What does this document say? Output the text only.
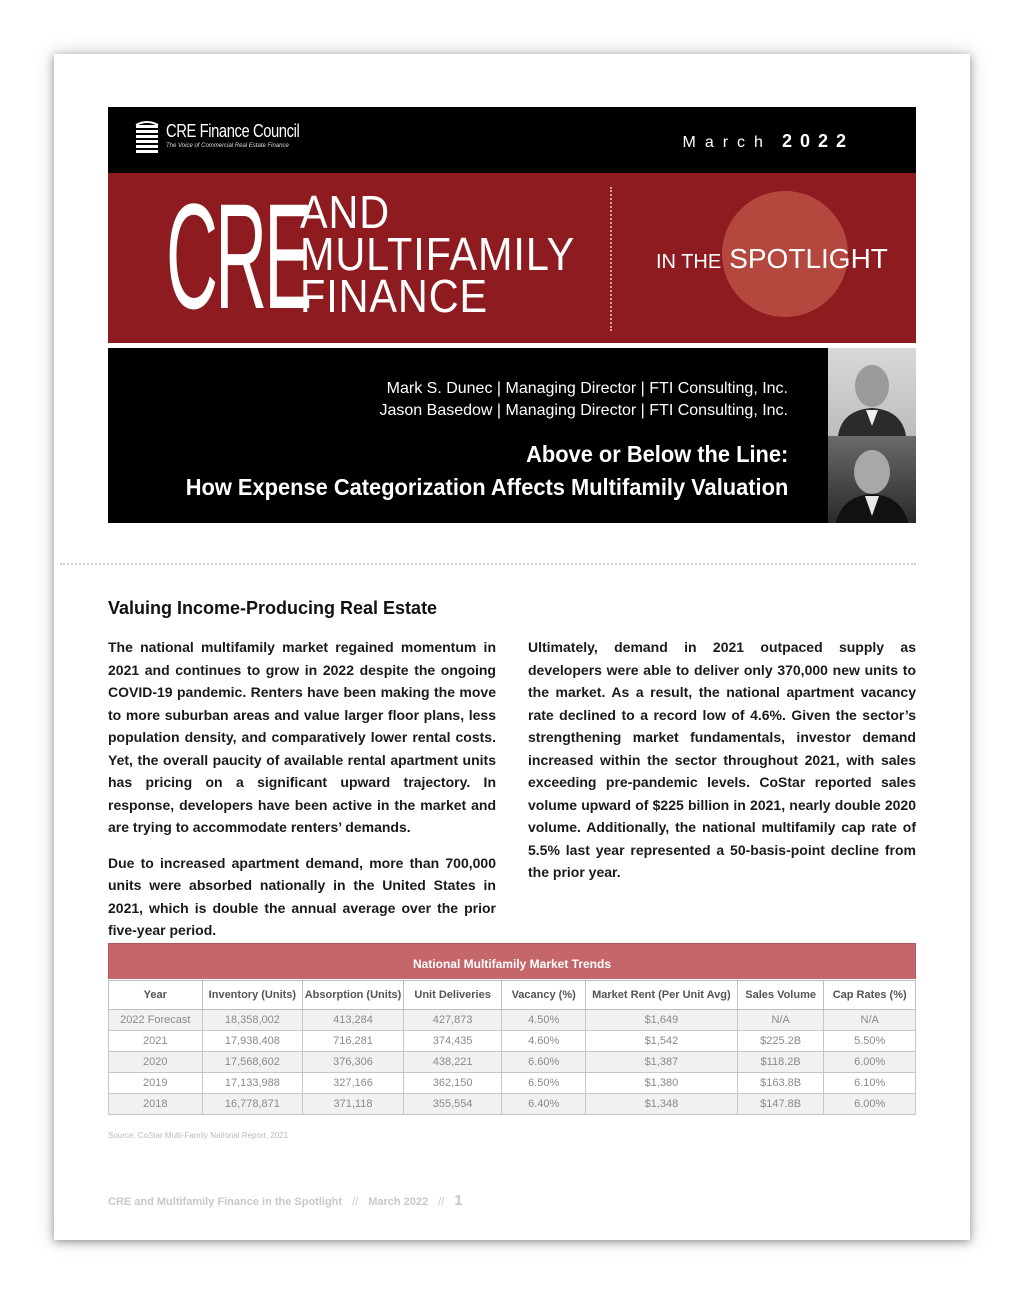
CRE Finance Council
The Voice of Commercial Real Estate Finance	March 2022
CRE
AND
MULTIFAMILY
FINANCE
IN THE SPOTLIGHT
Mark S. Dunec | Managing Director | FTI Consulting, Inc.
Jason Basedow | Managing Director | FTI Consulting, Inc.
Above or Below the Line:
How Expense Categorization Affects Multifamily Valuation
Valuing Income-Producing Real Estate

The national multifamily market regained momentum in 2021 and continues to grow in 2022 despite the ongoing COVID-19 pandemic. Renters have been making the move to more suburban areas and value larger floor plans, less population density, and comparatively lower rental costs. Yet, the overall paucity of available rental apartment units has pricing on a significant upward trajectory. In response, developers have been active in the market and are trying to accommodate renters’ demands.

Due to increased apartment demand, more than 700,000 units were absorbed nationally in the United States in 2021, which is double the annual average over the prior five-year period.

Ultimately, demand in 2021 outpaced supply as developers were able to deliver only 370,000 new units to the market. As a result, the national apartment vacancy rate declined to a record low of 4.6%. Given the sector’s strengthening market fundamentals, investor demand increased within the sector throughout 2021, with sales exceeding pre-pandemic levels. CoStar reported sales volume upward of $225 billion in 2021, nearly double 2020 volume. Additionally, the national multifamily cap rate of 5.5% last year represented a 50-basis-point decline from the prior year.

National Multifamily Market Trends
Year	Inventory (Units)	Absorption (Units)	Unit Deliveries	Vacancy (%)	Market Rent (Per Unit Avg)	Sales Volume	Cap Rates (%)
2022 Forecast	18,358,002	413,284	427,873	4.50%	$1,649	N/A	N/A
2021	17,938,408	716,281	374,435	4.60%	$1,542	$225.2B	5.50%
2020	17,568,602	376,306	438,221	6.60%	$1,387	$118.2B	6.00%
2019	17,133,988	327,166	362,150	6.50%	$1,380	$163.8B	6.10%
2018	16,778,871	371,118	355,554	6.40%	$1,348	$147.8B	6.00%
Source: CoStar Multi-Family National Report, 2021
CRE and Multifamily Finance in the Spotlight // March 2022 // 1
